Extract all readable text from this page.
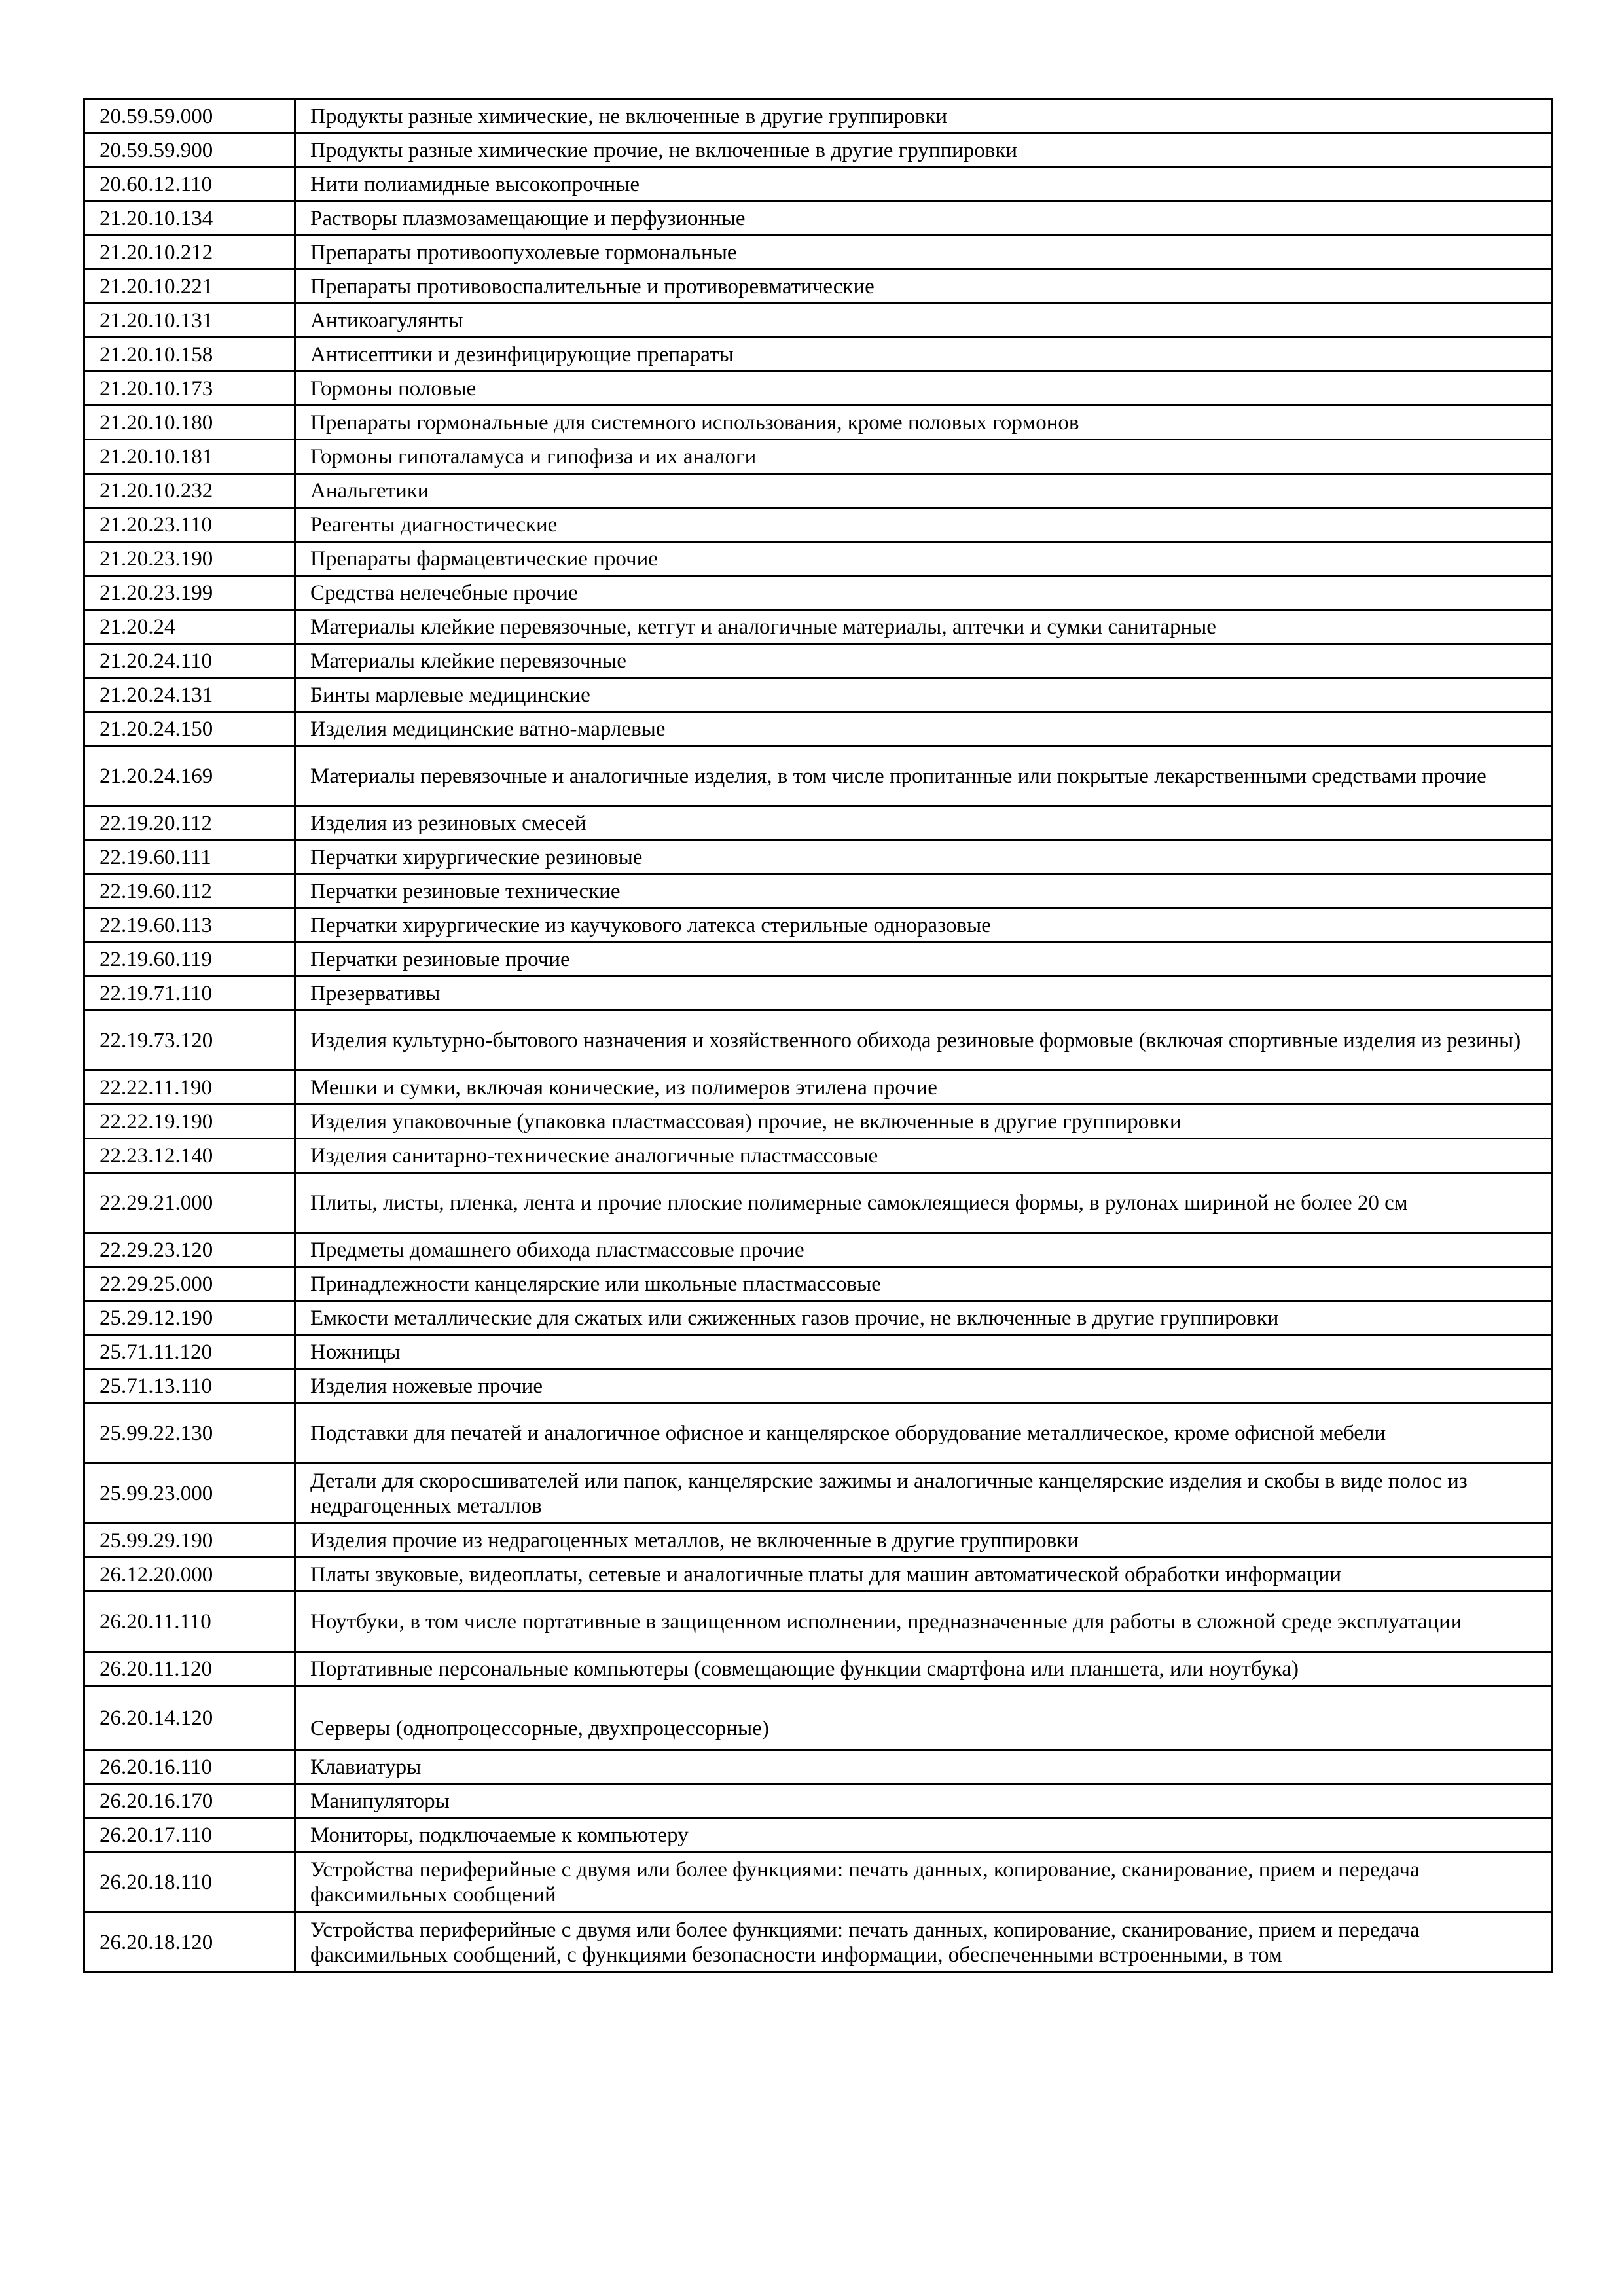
20.59.59.000	Продукты разные химические, не включенные в другие группировки
20.59.59.900	Продукты разные химические прочие, не включенные в другие группировки
20.60.12.110	Нити полиамидные высокопрочные
21.20.10.134	Растворы плазмозамещающие и перфузионные
21.20.10.212	Препараты противоопухолевые гормональные
21.20.10.221	Препараты противовоспалительные и противоревматические
21.20.10.131	Антикоагулянты
21.20.10.158	Антисептики и дезинфицирующие препараты
21.20.10.173	Гормоны половые
21.20.10.180	Препараты гормональные для системного использования, кроме половых гормонов
21.20.10.181	Гормоны гипоталамуса и гипофиза и их аналоги
21.20.10.232	Анальгетики
21.20.23.110	Реагенты диагностические
21.20.23.190	Препараты фармацевтические прочие
21.20.23.199	Средства нелечебные прочие
21.20.24	Материалы клейкие перевязочные, кетгут и аналогичные материалы, аптечки и сумки санитарные
21.20.24.110	Материалы клейкие перевязочные
21.20.24.131	Бинты марлевые медицинские
21.20.24.150	Изделия медицинские ватно-марлевые
21.20.24.169	Материалы перевязочные и аналогичные изделия, в том числе пропитанные или покрытые лекарственными средствами прочие
22.19.20.112	Изделия из резиновых смесей
22.19.60.111	Перчатки хирургические резиновые
22.19.60.112	Перчатки резиновые технические
22.19.60.113	Перчатки хирургические из каучукового латекса стерильные одноразовые
22.19.60.119	Перчатки резиновые прочие
22.19.71.110	Презервативы
22.19.73.120	Изделия культурно-бытового назначения и хозяйственного обихода резиновые формовые (включая спортивные изделия из резины)
22.22.11.190	Мешки и сумки, включая конические, из полимеров этилена прочие
22.22.19.190	Изделия упаковочные (упаковка пластмассовая) прочие, не включенные в другие группировки
22.23.12.140	Изделия санитарно-технические аналогичные пластмассовые
22.29.21.000	Плиты, листы, пленка, лента и прочие плоские полимерные самоклеящиеся формы, в рулонах шириной не более 20 см
22.29.23.120	Предметы домашнего обихода пластмассовые прочие
22.29.25.000	Принадлежности канцелярские или школьные пластмассовые
25.29.12.190	Емкости металлические для сжатых или сжиженных газов прочие, не включенные в другие группировки
25.71.11.120	Ножницы
25.71.13.110	Изделия ножевые прочие
25.99.22.130	Подставки для печатей и аналогичное офисное и канцелярское оборудование металлическое, кроме офисной мебели
25.99.23.000	Детали для скоросшивателей или папок, канцелярские зажимы и аналогичные канцелярские изделия и скобы в виде полос из недрагоценных металлов
25.99.29.190	Изделия прочие из недрагоценных металлов, не включенные в другие группировки
26.12.20.000	Платы звуковые, видеоплаты, сетевые и аналогичные платы для машин автоматической обработки информации
26.20.11.110	Ноутбуки, в том числе портативные в защищенном исполнении, предназначенные для работы в сложной среде эксплуатации
26.20.11.120	Портативные персональные компьютеры (совмещающие функции смартфона или планшета, или ноутбука)
26.20.14.120	Серверы (однопроцессорные, двухпроцессорные)
26.20.16.110	Клавиатуры
26.20.16.170	Манипуляторы
26.20.17.110	Мониторы, подключаемые к компьютеру
26.20.18.110	Устройства периферийные с двумя или более функциями: печать данных, копирование, сканирование, прием и передача факсимильных сообщений
26.20.18.120	Устройства периферийные с двумя или более функциями: печать данных, копирование, сканирование, прием и передача факсимильных сообщений, с функциями безопасности информации, обеспеченными встроенными, в том
